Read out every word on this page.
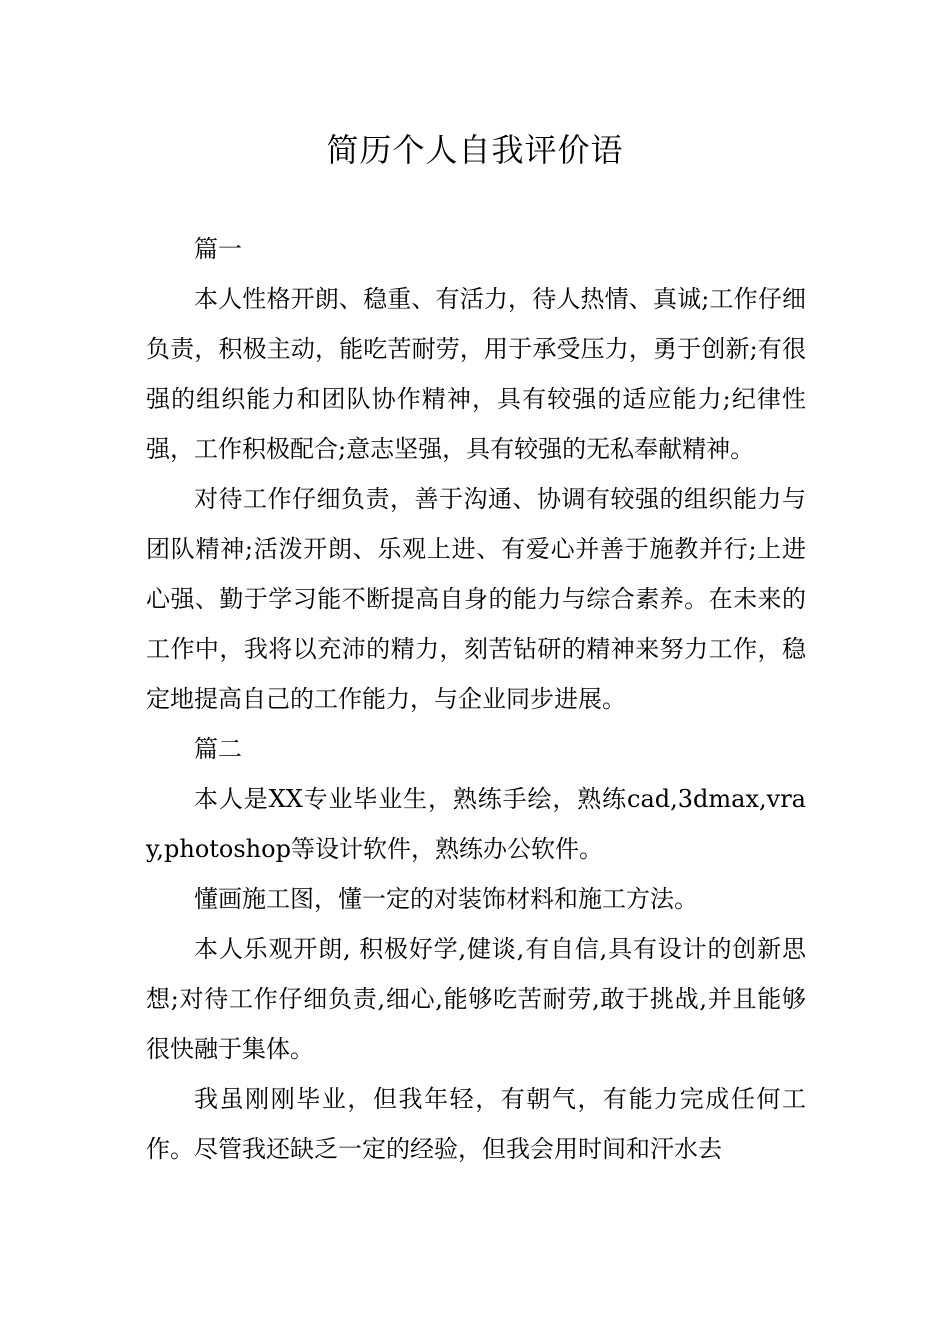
简历个人自我评价语

篇一

本人性格开朗、稳重、有活力，待人热情、真诚;工作仔细负责，积极主动，能吃苦耐劳，用于承受压力，勇于创新;有很强的组织能力和团队协作精神，具有较强的适应能力;纪律性强，工作积极配合;意志坚强，具有较强的无私奉献精神。

对待工作仔细负责，善于沟通、协调有较强的组织能力与团队精神;活泼开朗、乐观上进、有爱心并善于施教并行;上进心强、勤于学习能不断提高自身的能力与综合素养。在未来的工作中，我将以充沛的精力，刻苦钻研的精神来努力工作，稳定地提高自己的工作能力，与企业同步进展。

篇二

本人是XX专业毕业生，熟练手绘，熟练cad,3dmax,vray,photoshop等设计软件，熟练办公软件。

懂画施工图，懂一定的对装饰材料和施工方法。

本人乐观开朗, 积极好学,健谈,有自信,具有设计的创新思想;对待工作仔细负责,细心,能够吃苦耐劳,敢于挑战,并且能够很快融于集体。

我虽刚刚毕业，但我年轻，有朝气，有能力完成任何工作。尽管我还缺乏一定的经验，但我会用时间和汗水去
